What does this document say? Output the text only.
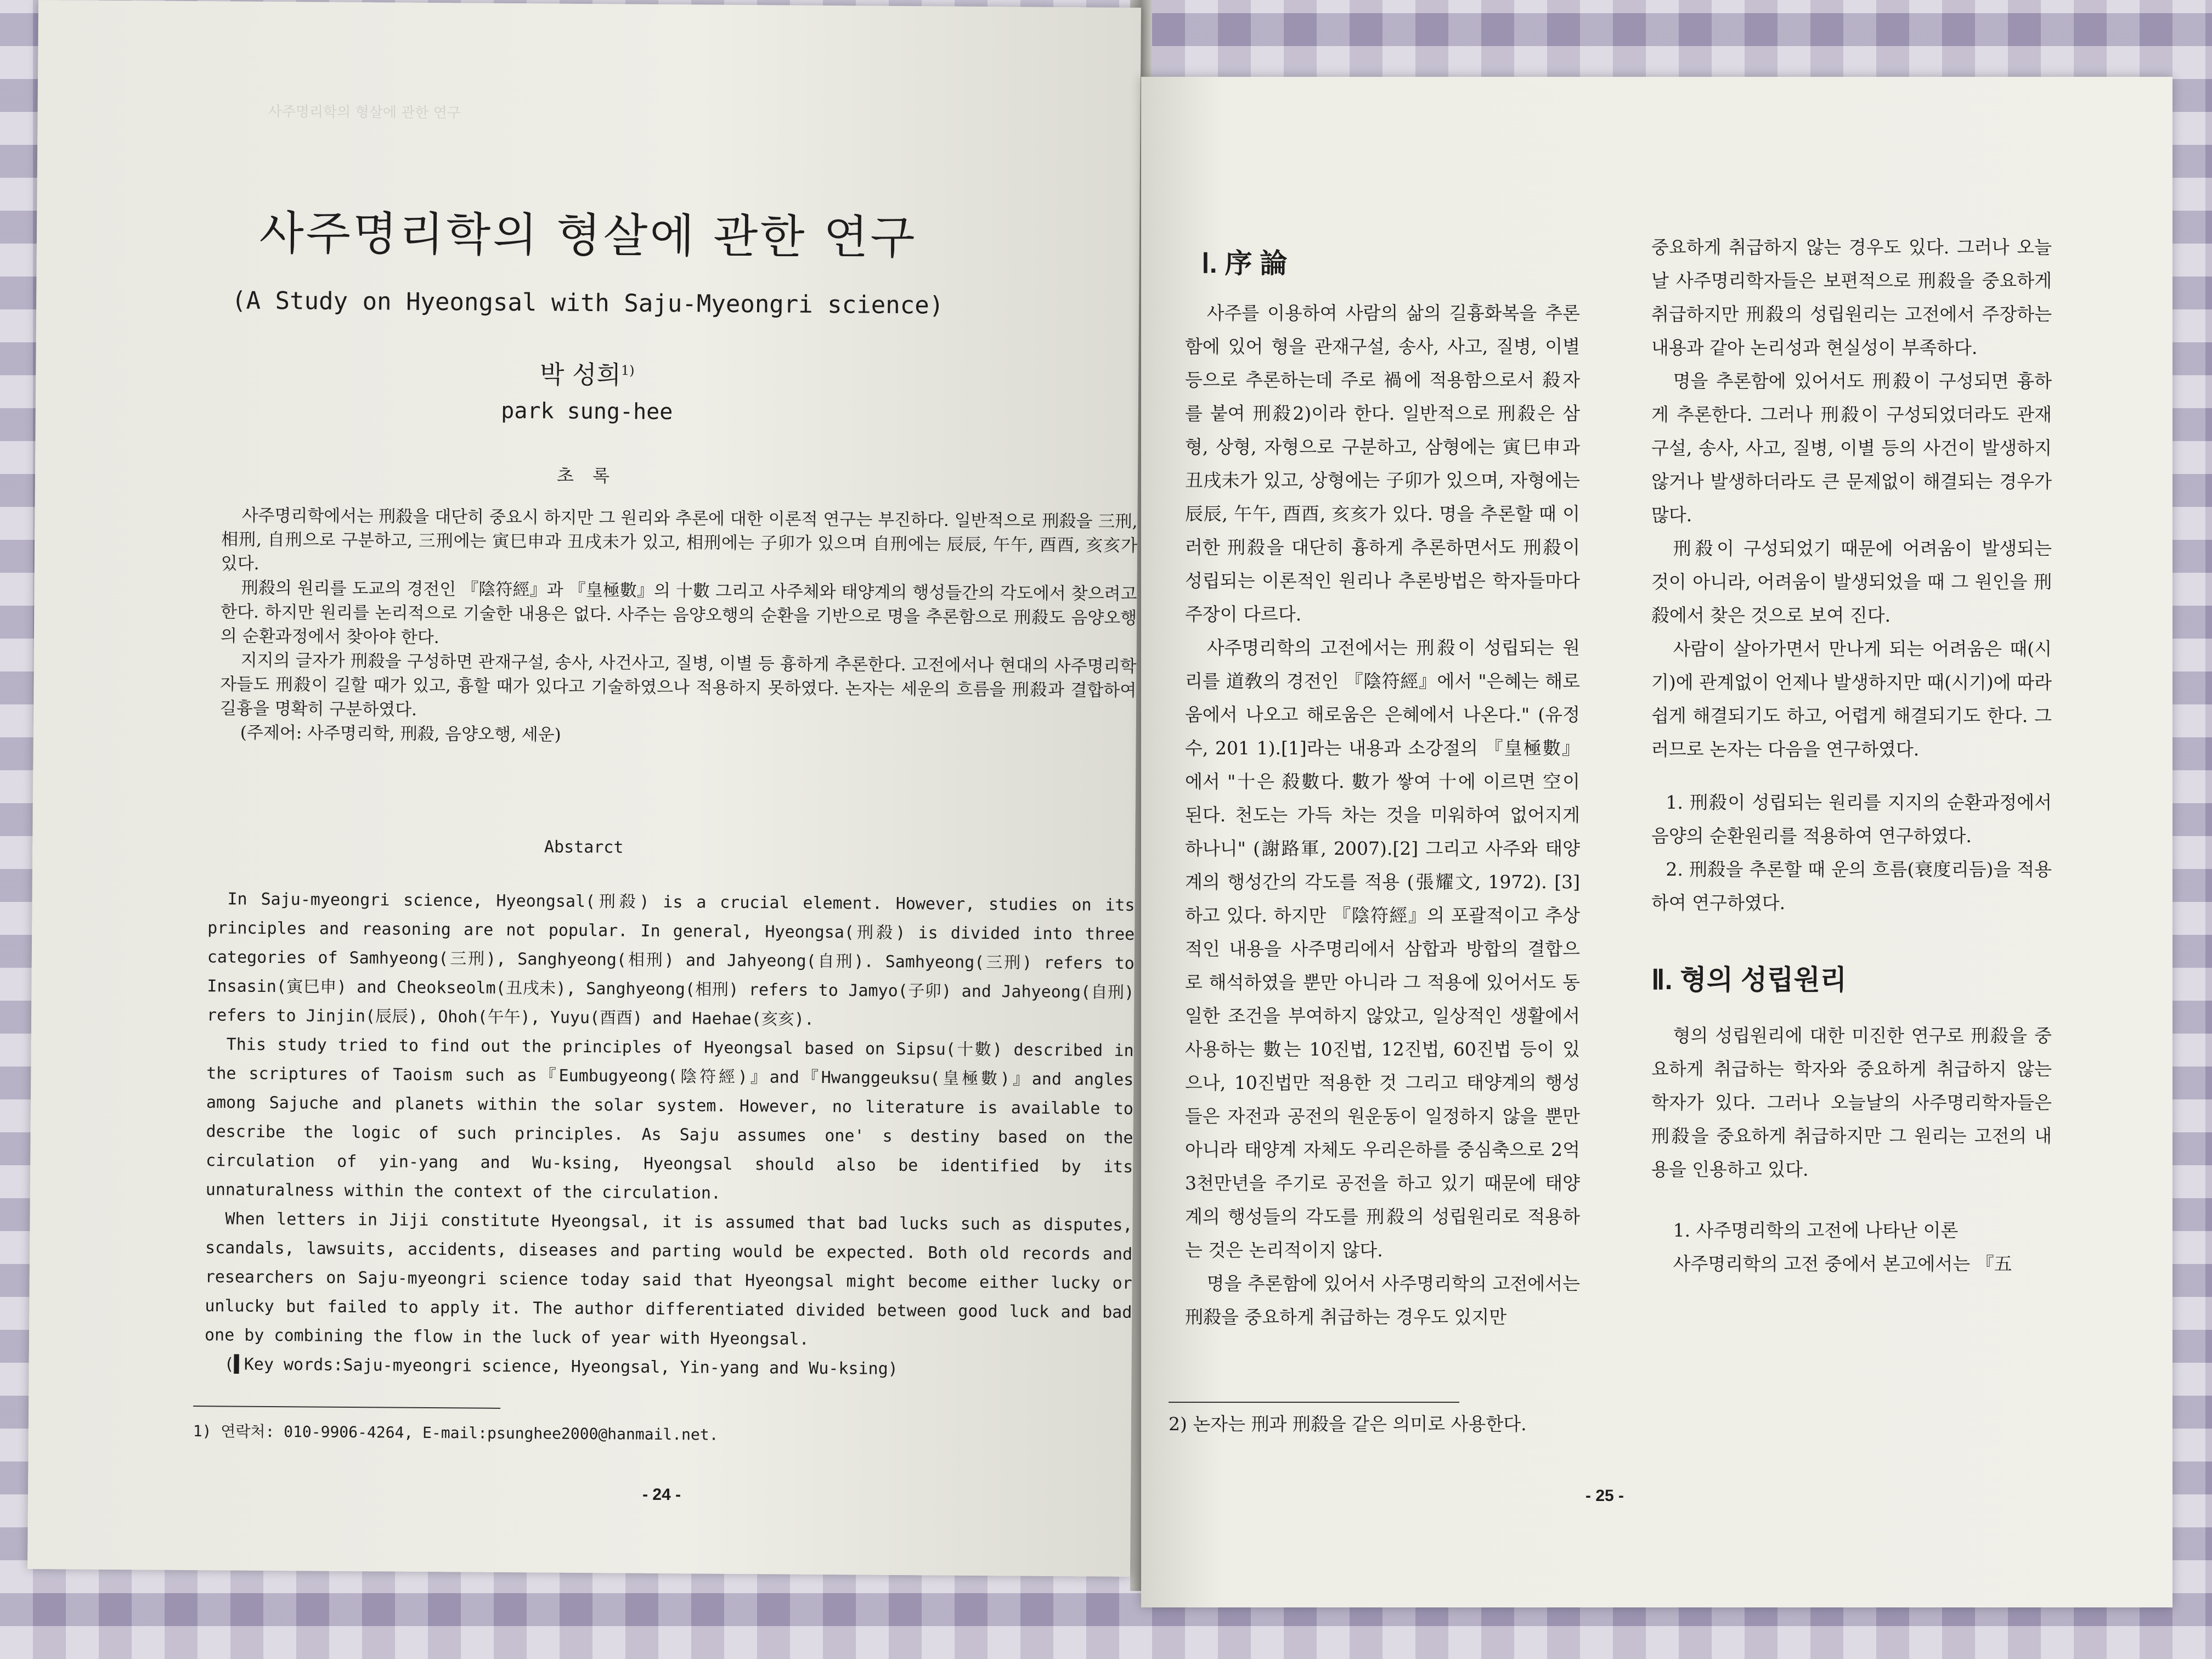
사주명리학의 형살에 관한 연구
사주명리학의 형살에 관한 연구
(A Study on Hyeongsal with Saju-Myeongri science)
박 성희$^{1)}$
park sung-hee
초 록

사주명리학에서는 刑殺을 대단히 중요시 하지만 그 원리와 추론에 대한 이론적 연구는 부진하다. 일반적으로 刑殺을 三刑, 相刑, 自刑으로 구분하고, 三刑에는 寅巳申과 丑戌未가 있고, 相刑에는 子卯가 있으며 自刑에는 辰辰, 午午, 酉酉, 亥亥가 있다.

刑殺의 원리를 도교의 경전인 『陰符經』과 『皇極數』의 十數 그리고 사주체와 태양계의 행성들간의 각도에서 찾으려고 한다. 하지만 원리를 논리적으로 기술한 내용은 없다. 사주는 음양오행의 순환을 기반으로 명을 추론함으로 刑殺도 음양오행의 순환과정에서 찾아야 한다.

지지의 글자가 刑殺을 구성하면 관재구설, 송사, 사건사고, 질병, 이별 등 흉하게 추론한다. 고전에서나 현대의 사주명리학자들도 刑殺이 길할 때가 있고, 흉할 때가 있다고 기술하였으나 적용하지 못하였다. 논자는 세운의 흐름을 刑殺과 결합하여 길흉을 명확히 구분하였다.

(주제어: 사주명리학, 刑殺, 음양오행, 세운)

Abstarct

In Saju-myeongri science, Hyeongsal(刑殺) is a crucial element. However, studies on its principles and reasoning are not popular. In general, Hyeongsa(刑殺) is divided into three categories of Samhyeong(三刑), Sanghyeong(相刑) and Jahyeong(自刑). Samhyeong(三刑) refers to Insasin(寅巳申) and Cheokseolm(丑戌未), Sanghyeong(相刑) refers to Jamyo(子卯) and Jahyeong(自刑) refers to Jinjin(辰辰), Ohoh(午午), Yuyu(酉酉) and Haehae(亥亥).

This study tried to find out the principles of Hyeongsal based on Sipsu(十數) described in the scriptures of Taoism such as『Eumbugyeong(陰符經)』and『Hwanggeuksu(皇極數)』and angles among Sajuche and planets within the solar system. However, no literature is available to describe the logic of such principles. As Saju assumes one' s destiny based on the circulation of yin-yang and Wu-ksing, Hyeongsal should also be identified by its unnaturalness within the context of the circulation.

When letters in Jiji constitute Hyeongsal, it is assumed that bad lucks such as disputes, scandals, lawsuits, accidents, diseases and parting would be expected. Both old records and researchers on Saju-myeongri science today said that Hyeongsal might become either lucky or unlucky but failed to apply it. The author differentiated divided between good luck and bad one by combining the flow in the luck of year with Hyeongsal.

(▌Key words:Saju-myeongri science, Hyeongsal, Yin-yang and Wu-ksing)

1) 연락처: 010-9906-4264, E-mail:psunghee2000@hanmail.net.
- 24 -
Ⅰ. 序 論

사주를 이용하여 사람의 삶의 길흉화복을 추론함에 있어 형을 관재구설, 송사, 사고, 질병, 이별 등으로 추론하는데 주로 禍에 적용함으로서 殺자를 붙여 刑殺2)이라 한다. 일반적으로 刑殺은 삼형, 상형, 자형으로 구분하고, 삼형에는 寅巳申과 丑戌未가 있고, 상형에는 子卯가 있으며, 자형에는 辰辰, 午午, 酉酉, 亥亥가 있다. 명을 추론할 때 이러한 刑殺을 대단히 흉하게 추론하면서도 刑殺이 성립되는 이론적인 원리나 추론방법은 학자들마다 주장이 다르다.

사주명리학의 고전에서는 刑殺이 성립되는 원리를 道敎의 경전인 『陰符經』에서 "은혜는 해로움에서 나오고 해로움은 은혜에서 나온다." (유정수, 201 1).[1]라는 내용과 소강절의 『皇極數』에서 "十은 殺數다. 數가 쌓여 十에 이르면 空이 된다. 천도는 가득 차는 것을 미워하여 없어지게 하나니" (謝路軍, 2007).[2] 그리고 사주와 태양계의 행성간의 각도를 적용 (張耀文, 1972). [3]하고 있다. 하지만 『陰符經』의 포괄적이고 추상적인 내용을 사주명리에서 삼합과 방합의 결합으로 해석하였을 뿐만 아니라 그 적용에 있어서도 동일한 조건을 부여하지 않았고, 일상적인 생활에서 사용하는 數는 10진법, 12진법, 60진법 등이 있으나, 10진법만 적용한 것 그리고 태양계의 행성들은 자전과 공전의 원운동이 일정하지 않을 뿐만 아니라 태양계 자체도 우리은하를 중심축으로 2억 3천만년을 주기로 공전을 하고 있기 때문에 태양계의 행성들의 각도를 刑殺의 성립원리로 적용하는 것은 논리적이지 않다.

명을 추론함에 있어서 사주명리학의 고전에서는 刑殺을 중요하게 취급하는 경우도 있지만

중요하게 취급하지 않는 경우도 있다. 그러나 오늘날 사주명리학자들은 보편적으로 刑殺을 중요하게 취급하지만 刑殺의 성립원리는 고전에서 주장하는 내용과 같아 논리성과 현실성이 부족하다.

명을 추론함에 있어서도 刑殺이 구성되면 흉하게 추론한다. 그러나 刑殺이 구성되었더라도 관재구설, 송사, 사고, 질병, 이별 등의 사건이 발생하지 않거나 발생하더라도 큰 문제없이 해결되는 경우가 많다.

刑殺이 구성되었기 때문에 어려움이 발생되는 것이 아니라, 어려움이 발생되었을 때 그 원인을 刑殺에서 찾은 것으로 보여 진다.

사람이 살아가면서 만나게 되는 어려움은 때(시기)에 관계없이 언제나 발생하지만 때(시기)에 따라 쉽게 해결되기도 하고, 어렵게 해결되기도 한다. 그러므로 논자는 다음을 연구하였다.

1. 刑殺이 성립되는 원리를 지지의 순환과정에서 음양의 순환원리를 적용하여 연구하였다.

2. 刑殺을 추론할 때 운의 흐름(衰度리듬)을 적용하여 연구하였다.

Ⅱ. 형의 성립원리

형의 성립원리에 대한 미진한 연구로 刑殺을 중요하게 취급하는 학자와 중요하게 취급하지 않는 학자가 있다. 그러나 오늘날의 사주명리학자들은 刑殺을 중요하게 취급하지만 그 원리는 고전의 내용을 인용하고 있다.

1. 사주명리학의 고전에 나타난 이론

사주명리학의 고전 중에서 본고에서는 『五

2) 논자는 刑과 刑殺을 같은 의미로 사용한다.
- 25 -
